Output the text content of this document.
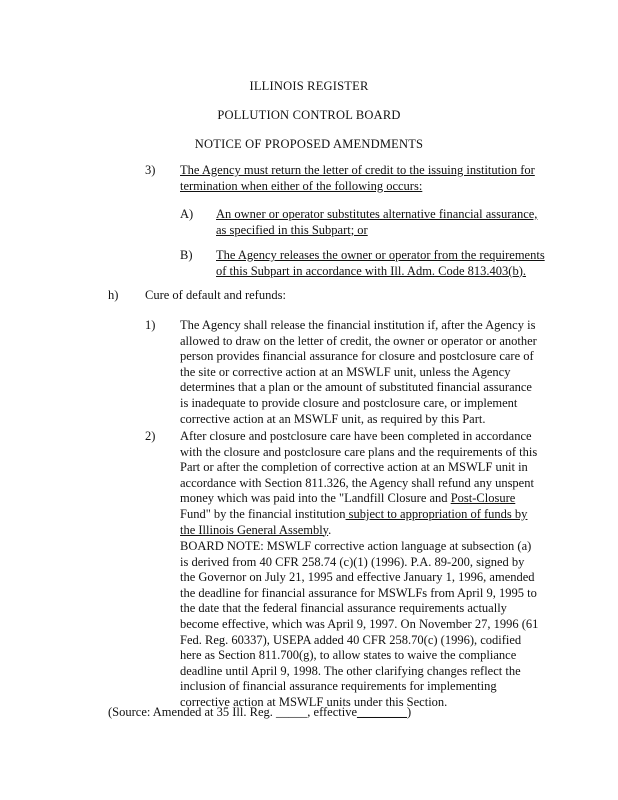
ILLINOIS REGISTER
POLLUTION CONTROL BOARD
NOTICE OF PROPOSED AMENDMENTS
3) The Agency must return the letter of credit to the issuing institution for termination when either of the following occurs:
A) An owner or operator substitutes alternative financial assurance, as specified in this Subpart; or
B) The Agency releases the owner or operator from the requirements of this Subpart in accordance with Ill. Adm. Code 813.403(b).
h) Cure of default and refunds:
1) The Agency shall release the financial institution if, after the Agency is allowed to draw on the letter of credit, the owner or operator or another person provides financial assurance for closure and postclosure care of the site or corrective action at an MSWLF unit, unless the Agency determines that a plan or the amount of substituted financial assurance is inadequate to provide closure and postclosure care, or implement corrective action at an MSWLF unit, as required by this Part.
2) After closure and postclosure care have been completed in accordance with the closure and postclosure care plans and the requirements of this Part or after the completion of corrective action at an MSWLF unit in accordance with Section 811.326, the Agency shall refund any unspent money which was paid into the "Landfill Closure and Post-Closure Fund" by the financial institution subject to appropriation of funds by the Illinois General Assembly.
BOARD NOTE: MSWLF corrective action language at subsection (a) is derived from 40 CFR 258.74 (c)(1) (1996). P.A. 89-200, signed by the Governor on July 21, 1995 and effective January 1, 1996, amended the deadline for financial assurance for MSWLFs from April 9, 1995 to the date that the federal financial assurance requirements actually become effective, which was April 9, 1997. On November 27, 1996 (61 Fed. Reg. 60337), USEPA added 40 CFR 258.70(c) (1996), codified here as Section 811.700(g), to allow states to waive the compliance deadline until April 9, 1998. The other clarifying changes reflect the inclusion of financial assurance requirements for implementing corrective action at MSWLF units under this Section.
(Source: Amended at 35 Ill. Reg. _____, effective________)
